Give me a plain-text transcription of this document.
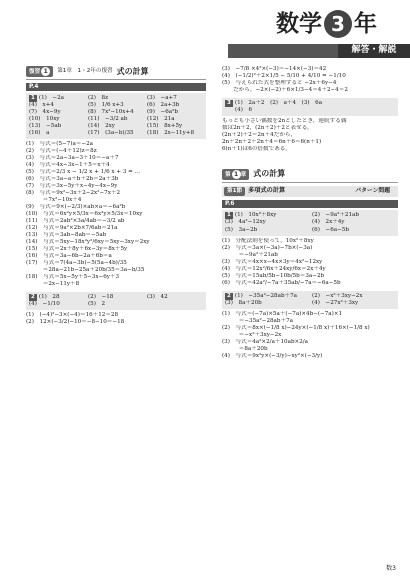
数学 3 年
解答・解説
復習 1	第1章　1・2年の復習 式の計算
P.4
1 (1)　−2a	(2)　8z	(3)　−a+7
(4)　x+4	(5)　1/6 x+3	(6)　2a+3b
(7)　4x−9y	(8)　7x²−10x+4	(9)　−6a²b
(10)　10xy	(11)　−3/2 ab	(12)　21a
(13)　−5ab	(14)　2xy	(15)　8x+5y
(16)　a	(17)　(3a−b)/35	(18)　2x−11y+8
(1)　与式＝(5−7)a＝−2a
(2)　与式＝(−4＋12)z＝8z
(3)　与式＝2a−3a−3＋10＝−a＋7
(4)　与式＝4x−3x−1＋5＝x＋4
(5)　与式＝2/3 x − 1/2 x + 1/6 x + 3 = ...
(6)　与式＝3a−a＋b＋2b＝2a＋3b
(7)　与式＝3x−5y＋x−4y−4x−9y
(8)　与式＝9x²−3x＋2−2x²−7x＋2
　　　＝7x²−10x＋4
(9)　与式＝9×(−2/3)×ab×a＝−6a²b
(10)　与式＝6x²y×5/3x＝6x²y×5/3x＝10xy
(11)　与式＝2ab²×3a/4ab＝−3/2 ab
(12)　与式＝9a²×2b×7/6ab＝21a
(13)　与式＝3ab−8ab＝−5ab
(14)　与式＝5xy−18x²y²/6xy＝5xy−3xy＝2xy
(15)　与式＝2x＋8y＋6x−3y＝8x＋5y
(16)　与式＝3a−6b−2a＋6b＝a
(17)　与式＝7(4a−3b)−5(5a−4b)/35
　　　＝28a−21b−25a＋20b/35＝3a−b/35
(18)　与式＝5x−5y＋5−3x−6y＋3
　　　＝2x−11y＋8
2 (1)　28	(2)　−18	(3)　42
(4)　−1/10	(5)　2
(1)　(−4)²−3×(−4)＝16＋12＝28
(2)　12×(−3/2)−10＝−8−10＝−18
(3)　−7/8 ×4²×(−3)＝−14×(−3)＝42
(4)　(−1/2)²＋2×1/5 − 5/10 + 4/10 = −1/10
(5)　与えられた式を整理すると −2x＋6y−4
　　だから，−2×(−2)＋6×1/3−4＝4＋2−4＝2
3 (1)　2a＋2　(2)　a＋4　(3)　6a
(4)　6
もっとも小さい偶数を2nとしたとき，連続する偶
数は2n＋2，(2n＋2)＋2と表せる。
(2n＋2)＋2＝2n＋4だから，
2n＋2n＋2＋2n＋4＝6n＋6＝6(n＋1)
6(n＋1)は6の倍数である。
第 1 章 式の計算
第1節 多項式の計算	パターン問題
P.6
1 (1)　10x²＋8xy	(2)　−9a²＋21ab
(3)　4a²−12xy	(4)　2x＋4y
(5)　3a−2b	(6)　−6a−5b
(1)　分配法則を使って，10x²＋8xy
(2)　与式＝3a×(−3a)−7b×(−3a)
　　　＝−9a²＋21ab
(3)　与式＝4x×x−4x×3y＝4x²−12xy
(4)　与式＝12x²/6x＋24xy/6x＝2x＋4y
(5)　与式＝15ab/5b−10b/5b＝3a−2b
(6)　与式＝42a²/−7a＋35ab/−7a＝−6a−5b
2 (1)　−35a²−28ab＋7a	(2)　−x²＋3xy−2x
(3)　8a＋20b	(4)　−27x²＋3xy
(1)　与式＝(−7a)×5a＋(−7a)×4b−(−7a)×1
　　　＝−35a²−28ab＋7a
(2)　与式＝8x×(−1/8 x)−24y×(−1/8 x)＋16×(−1/8 x)
　　　＝−x²＋3xy−2x
(3)　与式＝4a²×2/a＋10ab×2/a
　　　＝8a＋20b
(4)　与式＝9x²y×(−3/y)−xy²×(−3/y)
数3
